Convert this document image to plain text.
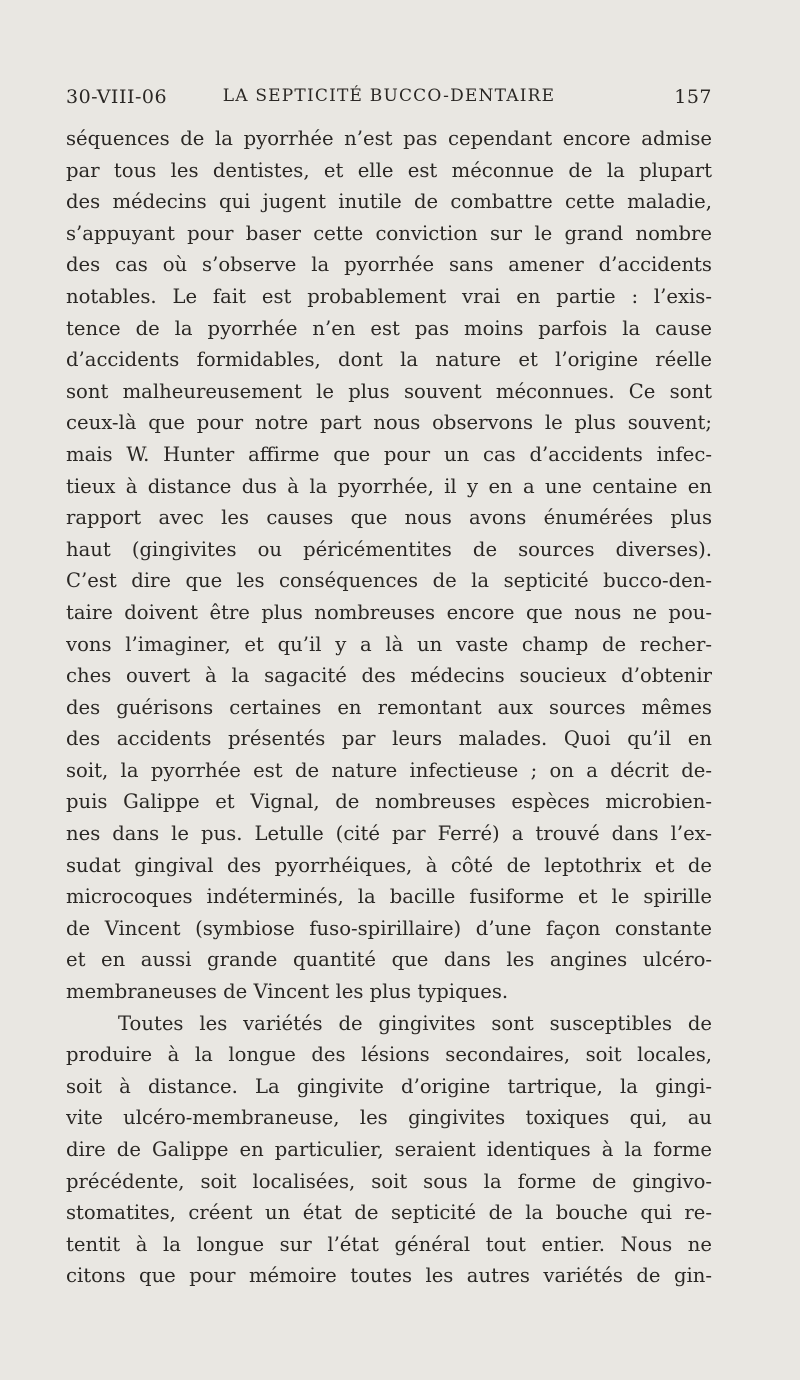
30-VIII-06	LA SEPTICITÉ BUCCO-DENTAIRE	157
séquences de la pyorrhée n’est pas cependant encore admise
par tous les dentistes, et elle est méconnue de la plupart
des médecins qui jugent inutile de combattre cette maladie,
s’appuyant pour baser cette conviction sur le grand nombre
des cas où s’observe la pyorrhée sans amener d’accidents
notables. Le fait est probablement vrai en partie : l’exis-
tence de la pyorrhée n’en est pas moins parfois la cause
d’accidents formidables, dont la nature et l’origine réelle
sont malheureusement le plus souvent méconnues. Ce sont
ceux-là que pour notre part nous observons le plus souvent;
mais W. Hunter affirme que pour un cas d’accidents infec-
tieux à distance dus à la pyorrhée, il y en a une centaine en
rapport avec les causes que nous avons énumérées plus
haut (gingivites ou péricémentites de sources diverses).
C’est dire que les conséquences de la septicité bucco-den-
taire doivent être plus nombreuses encore que nous ne pou-
vons l’imaginer, et qu’il y a là un vaste champ de recher-
ches ouvert à la sagacité des médecins soucieux d’obtenir
des guérisons certaines en remontant aux sources mêmes
des accidents présentés par leurs malades. Quoi qu’il en
soit, la pyorrhée est de nature infectieuse ; on a décrit de-
puis Galippe et Vignal, de nombreuses espèces microbien-
nes dans le pus. Letulle (cité par Ferré) a trouvé dans l’ex-
sudat gingival des pyorrhéiques, à côté de leptothrix et de
microcoques indéterminés, la bacille fusiforme et le spirille
de Vincent (symbiose fuso-spirillaire) d’une façon constante
et en aussi grande quantité que dans les angines ulcéro-
membraneuses de Vincent les plus typiques.
Toutes les variétés de gingivites sont susceptibles de
produire à la longue des lésions secondaires, soit locales,
soit à distance. La gingivite d’origine tartrique, la gingi-
vite ulcéro-membraneuse, les gingivites toxiques qui, au
dire de Galippe en particulier, seraient identiques à la forme
précédente, soit localisées, soit sous la forme de gingivo-
stomatites, créent un état de septicité de la bouche qui re-
tentit à la longue sur l’état général tout entier. Nous ne
citons que pour mémoire toutes les autres variétés de gin-
